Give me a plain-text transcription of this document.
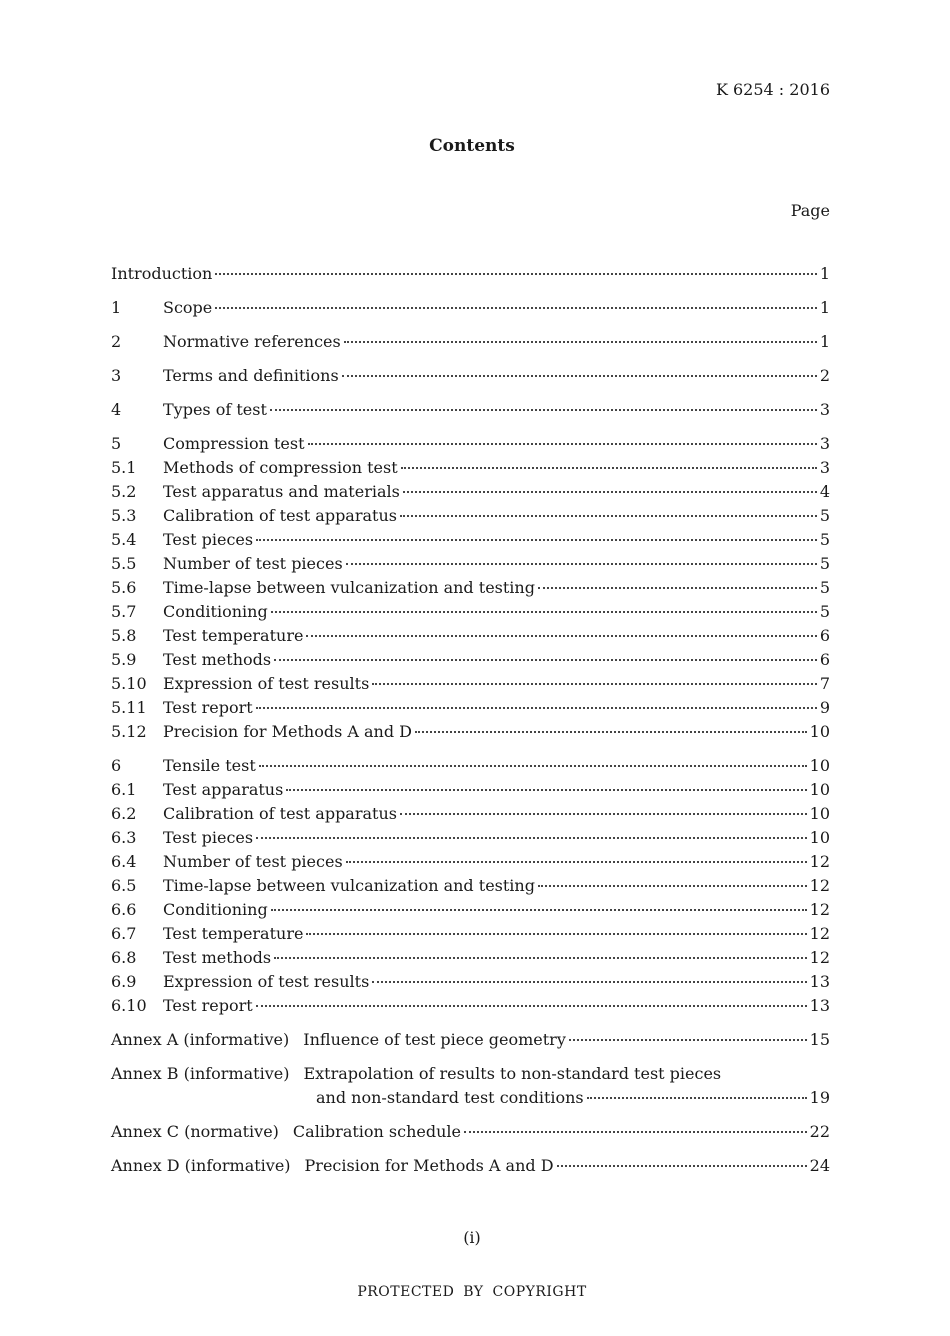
K 6254 : 2016
Contents
Page
Introduction	1
1	Scope	1
2	Normative references	1
3	Terms and definitions	2
4	Types of test	3
5	Compression test	3
5.1	Methods of compression test	3
5.2	Test apparatus and materials	4
5.3	Calibration of test apparatus	5
5.4	Test pieces	5
5.5	Number of test pieces	5
5.6	Time-lapse between vulcanization and testing	5
5.7	Conditioning	5
5.8	Test temperature	6
5.9	Test methods	6
5.10	Expression of test results	7
5.11	Test report	9
5.12	Precision for Methods A and D	10
6	Tensile test	10
6.1	Test apparatus	10
6.2	Calibration of test apparatus	10
6.3	Test pieces	10
6.4	Number of test pieces	12
6.5	Time-lapse between vulcanization and testing	12
6.6	Conditioning	12
6.7	Test temperature	12
6.8	Test methods	12
6.9	Expression of test results	13
6.10	Test report	13
Annex A (informative) Influence of test piece geometry	15
Annex B (informative) Extrapolation of results to non-standard test pieces
and non-standard test conditions	19
Annex C (normative) Calibration schedule	22
Annex D (informative) Precision for Methods A and D	24
(i)
PROTECTED BY COPYRIGHT
